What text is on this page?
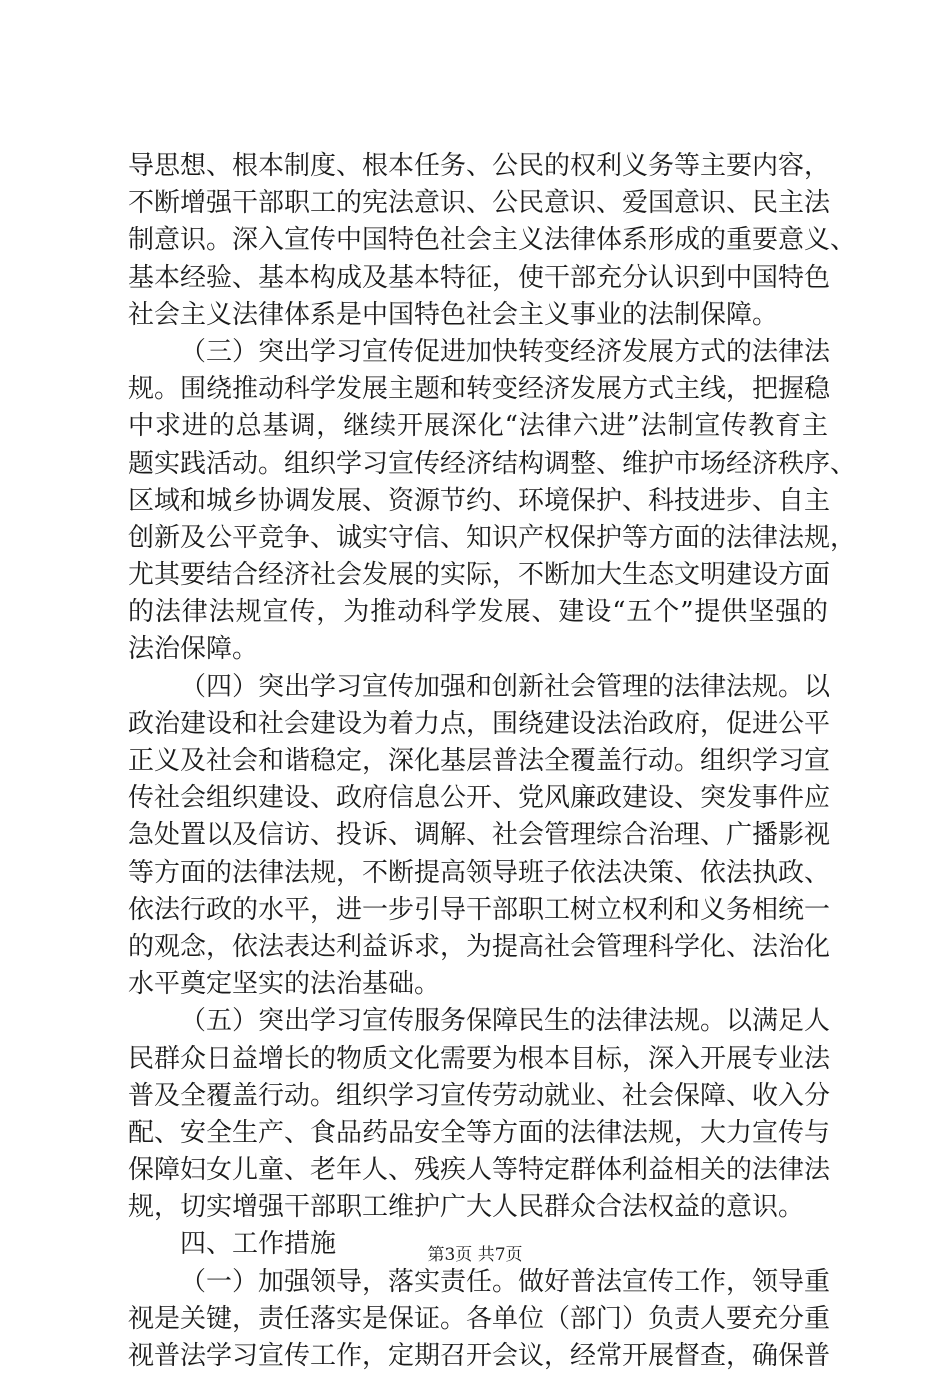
导思想、根本制度、根本任务、公民的权利义务等主要内容，
不断增强干部职工的宪法意识、公民意识、爱国意识、民主法
制意识。深入宣传中国特色社会主义法律体系形成的重要意义、
基本经验、基本构成及基本特征，使干部充分认识到中国特色
社会主义法律体系是中国特色社会主义事业的法制保障。
（三）突出学习宣传促进加快转变经济发展方式的法律法
规。围绕推动科学发展主题和转变经济发展方式主线，把握稳
中求进的总基调，继续开展深化“法律六进”法制宣传教育主
题实践活动。组织学习宣传经济结构调整、维护市场经济秩序、
区域和城乡协调发展、资源节约、环境保护、科技进步、自主
创新及公平竞争、诚实守信、知识产权保护等方面的法律法规，
尤其要结合经济社会发展的实际，不断加大生态文明建设方面
的法律法规宣传，为推动科学发展、建设“五个”提供坚强的
法治保障。
（四）突出学习宣传加强和创新社会管理的法律法规。以
政治建设和社会建设为着力点，围绕建设法治政府，促进公平
正义及社会和谐稳定，深化基层普法全覆盖行动。组织学习宣
传社会组织建设、政府信息公开、党风廉政建设、突发事件应
急处置以及信访、投诉、调解、社会管理综合治理、广播影视
等方面的法律法规，不断提高领导班子依法决策、依法执政、
依法行政的水平，进一步引导干部职工树立权利和义务相统一
的观念，依法表达利益诉求，为提高社会管理科学化、法治化
水平奠定坚实的法治基础。
（五）突出学习宣传服务保障民生的法律法规。以满足人
民群众日益增长的物质文化需要为根本目标，深入开展专业法
普及全覆盖行动。组织学习宣传劳动就业、社会保障、收入分
配、安全生产、食品药品安全等方面的法律法规，大力宣传与
保障妇女儿童、老年人、残疾人等特定群体利益相关的法律法
规，切实增强干部职工维护广大人民群众合法权益的意识。
四、工作措施
（一）加强领导，落实责任。做好普法宣传工作，领导重
视是关键，责任落实是保证。各单位（部门）负责人要充分重
视普法学习宣传工作，定期召开会议，经常开展督查，确保普
第3页 共7页
